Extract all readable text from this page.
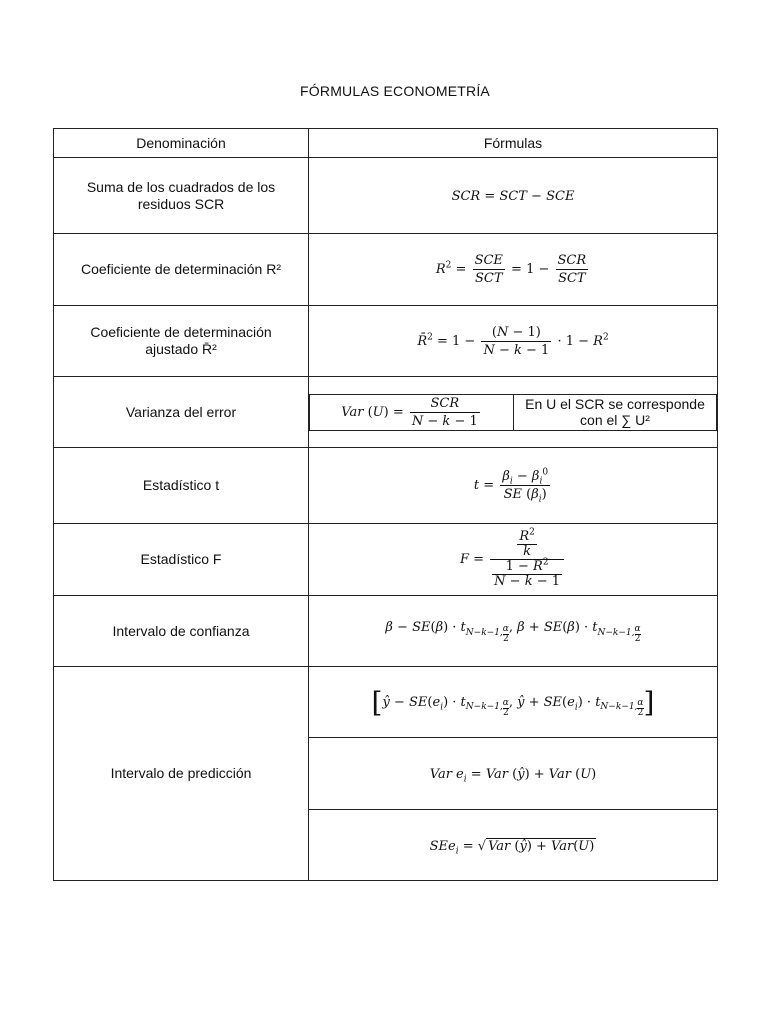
FÓRMULAS ECONOMETRÍA
Denominación	Fórmulas
Suma de los cuadrados de los residuos SCR	SCR = SCT − SCE
Coeficiente de determinación R²	$R^2 = \frac{\text{SCE}}{\text{SCT}} = 1 - \frac{\text{SCR}}{\text{SCT}}$

Coeficiente de determinación ajustado R̄²	R̄$^2$ = $1 - \frac{(N - 1)}{N - k - 1} \cdot 1 - R^2$
Varianza del error		Var $(U) = \frac{\text{SCR}}{N - k - 1}$	En U el SCR se corresponde con el ∑ U²

Estadístico t	$t = \frac{\beta_i - \beta_i^0}{SE (\beta_i)}$

Estadístico F	$F = \frac{\frac{R^2}{k}}{\frac{1 - R^2}{N - k - 1}}$

Intervalo de confianza	$\beta - SE(\beta) \cdot t_{N-k-1, \frac{\alpha}{2}}$ , $\beta + SE(\beta) \cdot t_{N-k-1, \frac{\alpha}{2}}$

Intervalo de predicción	[ŷ − $SE(e_i) \cdot t_{N-k-1, \frac{\alpha}{2}}$ , ŷ + $SE(e_i) \cdot t_{N-k-1, \frac{\alpha}{2}}$ ]
Var $e_i$ = Var (ŷ) + Var (U)
SEe$_i$ = √ Var (ŷ) + Var(U)
